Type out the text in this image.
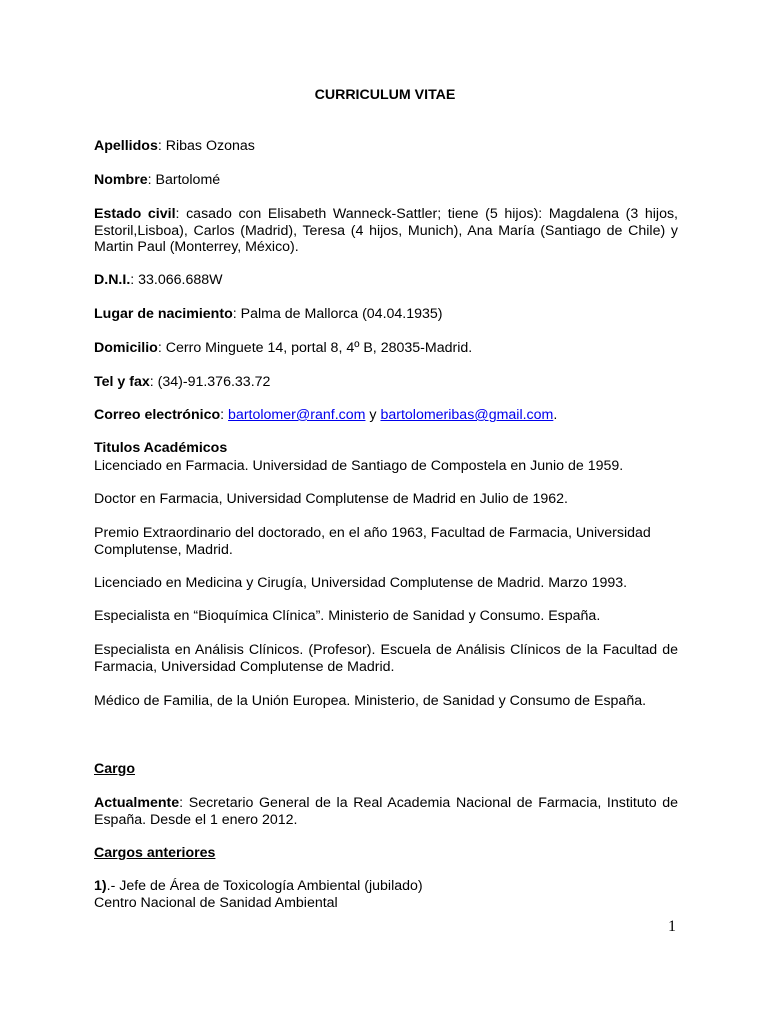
CURRICULUM VITAE
Apellidos: Ribas Ozonas
Nombre: Bartolomé
Estado civil: casado con Elisabeth Wanneck-Sattler; tiene (5 hijos): Magdalena (3 hijos, Estoril,Lisboa), Carlos (Madrid), Teresa (4 hijos, Munich), Ana María (Santiago de Chile) y Martin Paul (Monterrey, México).
D.N.I.: 33.066.688W
Lugar de nacimiento: Palma de Mallorca (04.04.1935)
Domicilio: Cerro Minguete 14, portal 8, 4º B, 28035-Madrid.
Tel y fax: (34)-91.376.33.72
Correo electrónico: bartolomer@ranf.com y bartolomeribas@gmail.com.
Titulos Académicos
Licenciado en Farmacia. Universidad de Santiago de Compostela en Junio de 1959.
Doctor en Farmacia, Universidad Complutense de Madrid en Julio de 1962.
Premio Extraordinario del doctorado, en el año 1963, Facultad de Farmacia, Universidad Complutense, Madrid.
Licenciado en Medicina y Cirugía, Universidad Complutense de Madrid. Marzo 1993.
Especialista en “Bioquímica Clínica”. Ministerio de Sanidad y Consumo. España.
Especialista en Análisis Clínicos. (Profesor). Escuela de Análisis Clínicos de la Facultad de Farmacia, Universidad Complutense de Madrid.
Médico de Familia, de la Unión Europea. Ministerio, de Sanidad y Consumo de España.
Cargo
Actualmente: Secretario General de la Real Academia Nacional de Farmacia, Instituto de España. Desde el 1 enero 2012.
Cargos anteriores
1).- Jefe de Área de Toxicología Ambiental (jubilado)
Centro Nacional de Sanidad Ambiental
1
